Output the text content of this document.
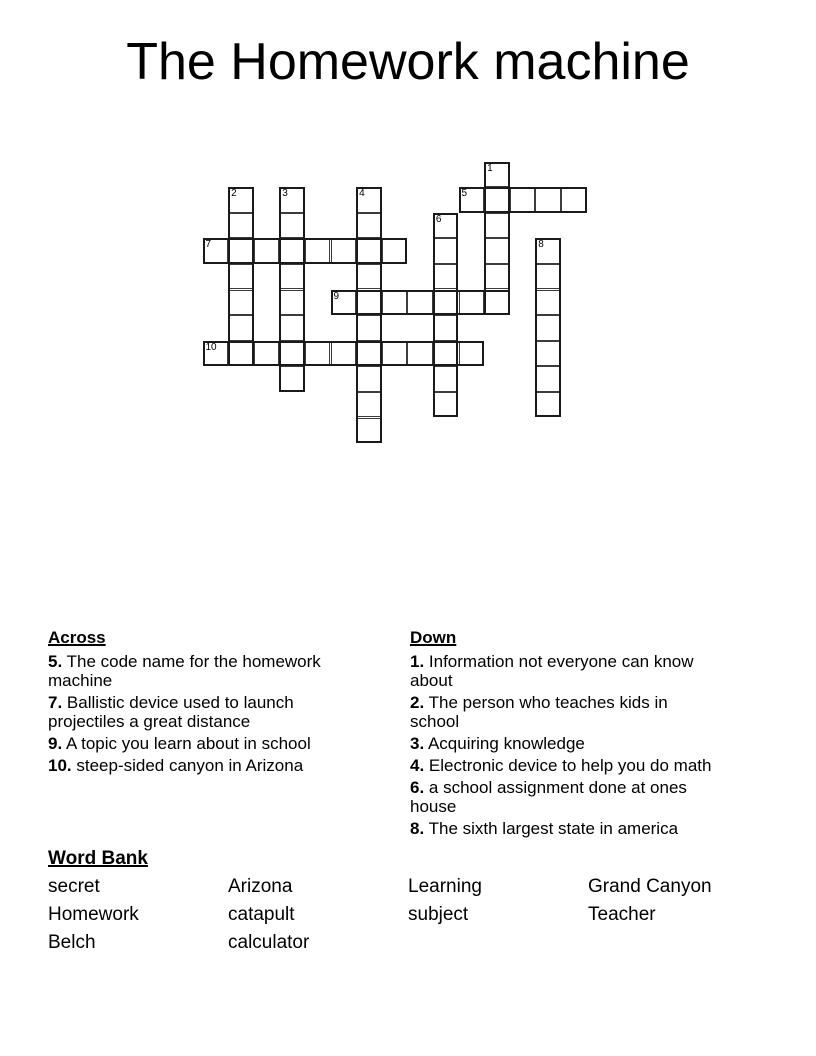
The Homework machine
1
2	3	4	5
6
7	8
9
10
Across

5. The code name for the homework machine

7. Ballistic device used to launch projectiles a great distance

9. A topic you learn about in school

10. steep-sided canyon in Arizona

Down

1. Information not everyone can know about

2. The person who teaches kids in school

3. Acquiring knowledge

4. Electronic device to help you do math

6. a school assignment done at ones house

8. The sixth largest state in america

Word Bank
secret
Homework
Belch
Arizona
catapult
calculator
Learning
subject
Grand Canyon
Teacher
